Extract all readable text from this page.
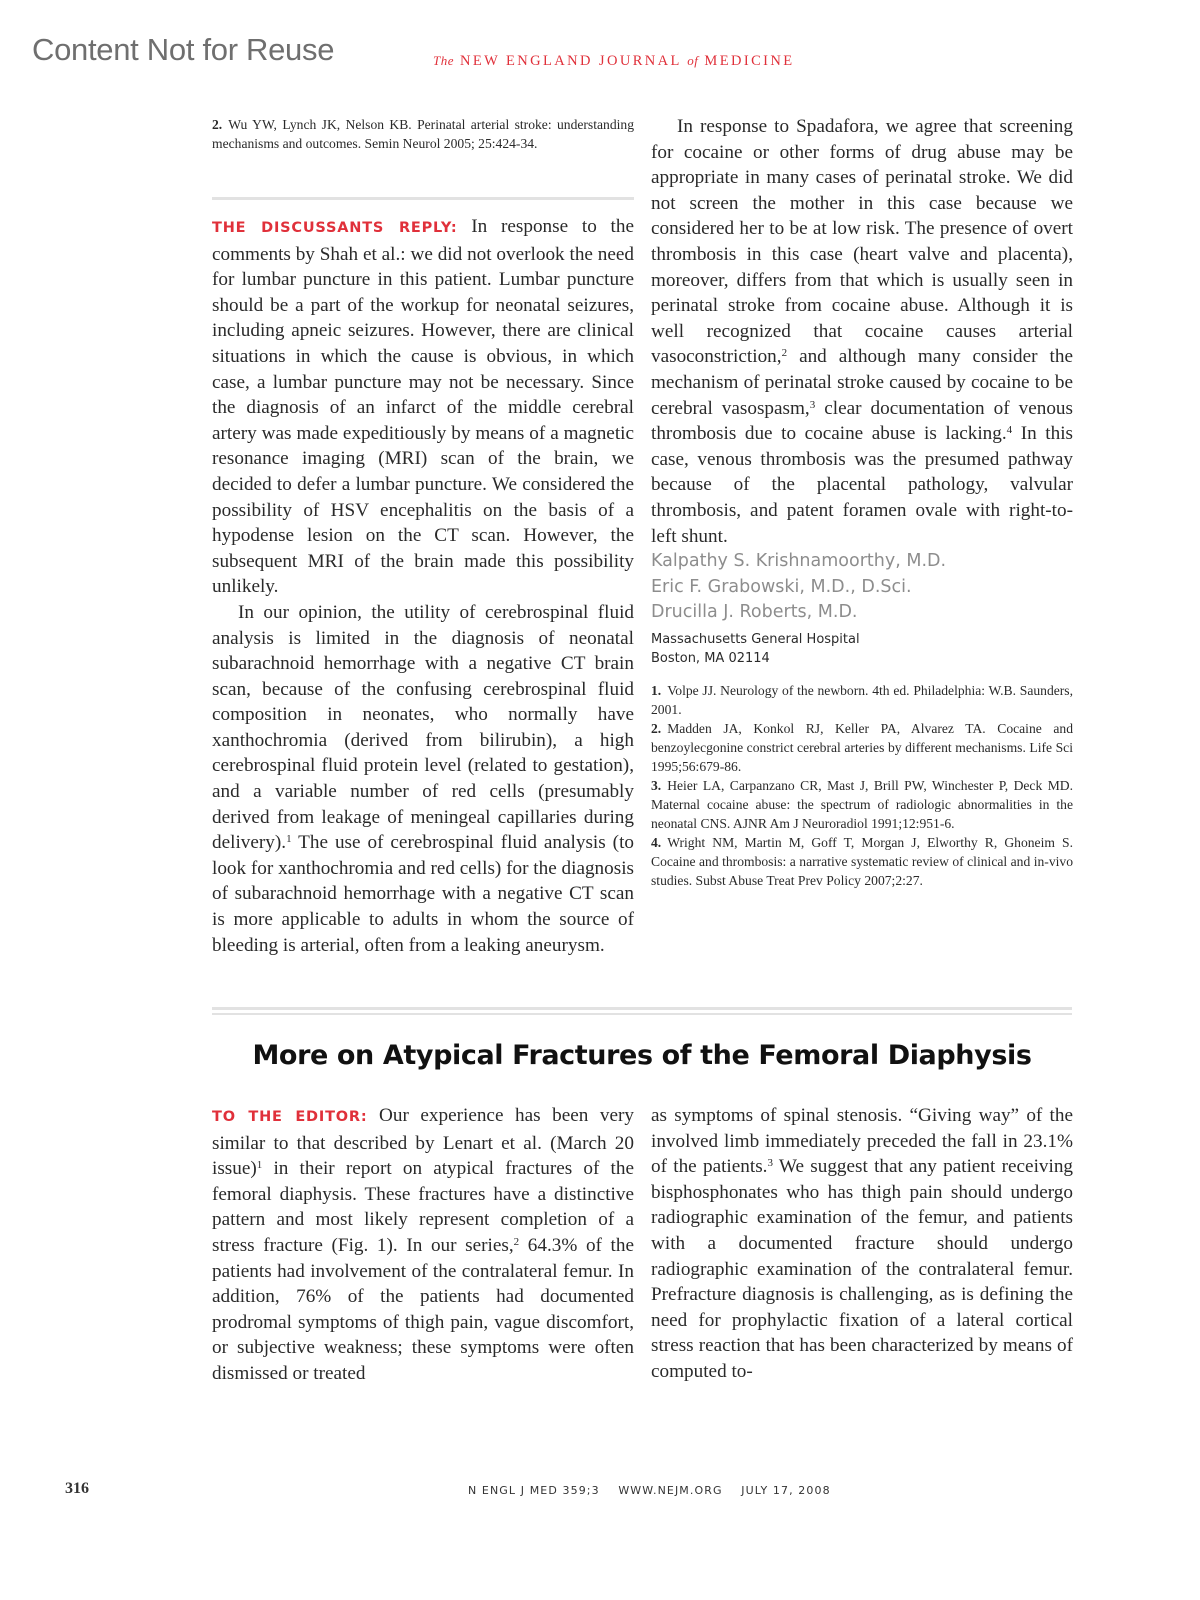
Content Not for Reuse	The NEW ENGLAND JOURNAL of MEDICINE

2. Wu YW, Lynch JK, Nelson KB. Perinatal arterial stroke: understanding mechanisms and outcomes. Semin Neurol 2005; 25:424-34.

THE DISCUSSANTS REPLY: In response to the comments by Shah et al.: we did not overlook the need for lumbar puncture in this patient. Lumbar puncture should be a part of the workup for neonatal seizures, including apneic seizures. However, there are clinical situations in which the cause is obvious, in which case, a lumbar puncture may not be necessary. Since the diagnosis of an infarct of the middle cerebral artery was made expeditiously by means of a magnetic resonance imaging (MRI) scan of the brain, we decided to defer a lumbar puncture. We considered the possibility of HSV encephalitis on the basis of a hypodense lesion on the CT scan. However, the subsequent MRI of the brain made this possibility unlikely.

In our opinion, the utility of cerebrospinal fluid analysis is limited in the diagnosis of neonatal subarachnoid hemorrhage with a negative CT brain scan, because of the confusing cerebrospinal fluid composition in neonates, who normally have xanthochromia (derived from bilirubin), a high cerebrospinal fluid protein level (related to gestation), and a variable number of red cells (presumably derived from leakage of meningeal capillaries during delivery).$^1$ The use of cerebrospinal fluid analysis (to look for xanthochromia and red cells) for the diagnosis of subarachnoid hemorrhage with a negative CT scan is more applicable to adults in whom the source of bleeding is arterial, often from a leaking aneurysm.

In response to Spadafora, we agree that screening for cocaine or other forms of drug abuse may be appropriate in many cases of perinatal stroke. We did not screen the mother in this case because we considered her to be at low risk. The presence of overt thrombosis in this case (heart valve and placenta), moreover, differs from that which is usually seen in perinatal stroke from cocaine abuse. Although it is well recognized that cocaine causes arterial vasoconstriction,$^2$ and although many consider the mechanism of perinatal stroke caused by cocaine to be cerebral vasospasm,$^3$ clear documentation of venous thrombosis due to cocaine abuse is lacking.$^4$ In this case, venous thrombosis was the presumed pathway because of the placental pathology, valvular thrombosis, and patent foramen ovale with right-to-left shunt.

Kalpathy S. Krishnamoorthy, M.D.
Eric F. Grabowski, M.D., D.Sci.
Drucilla J. Roberts, M.D.
Massachusetts General Hospital
Boston, MA 02114

1. Volpe JJ. Neurology of the newborn. 4th ed. Philadelphia: W.B. Saunders, 2001.

2. Madden JA, Konkol RJ, Keller PA, Alvarez TA. Cocaine and benzoylecgonine constrict cerebral arteries by different mechanisms. Life Sci 1995;56:679-86.

3. Heier LA, Carpanzano CR, Mast J, Brill PW, Winchester P, Deck MD. Maternal cocaine abuse: the spectrum of radiologic abnormalities in the neonatal CNS. AJNR Am J Neuroradiol 1991;12:951-6.

4. Wright NM, Martin M, Goff T, Morgan J, Elworthy R, Ghoneim S. Cocaine and thrombosis: a narrative systematic review of clinical and in-vivo studies. Subst Abuse Treat Prev Policy 2007;2:27.

More on Atypical Fractures of the Femoral Diaphysis

TO THE EDITOR: Our experience has been very similar to that described by Lenart et al. (March 20 issue)$^1$ in their report on atypical fractures of the femoral diaphysis. These fractures have a distinctive pattern and most likely represent completion of a stress fracture (Fig. 1). In our series,$^2$ 64.3% of the patients had involvement of the contralateral femur. In addition, 76% of the patients had documented prodromal symptoms of thigh pain, vague discomfort, or subjective weakness; these symptoms were often dismissed or treated

as symptoms of spinal stenosis. “Giving way” of the involved limb immediately preceded the fall in 23.1% of the patients.$^3$ We suggest that any patient receiving bisphosphonates who has thigh pain should undergo radiographic examination of the femur, and patients with a documented fracture should undergo radiographic examination of the contralateral femur. Prefracture diagnosis is challenging, as is defining the need for prophylactic fixation of a lateral cortical stress reaction that has been characterized by means of computed to-

316	N ENGL J MED 359;3 WWW.NEJM.ORG JULY 17, 2008
